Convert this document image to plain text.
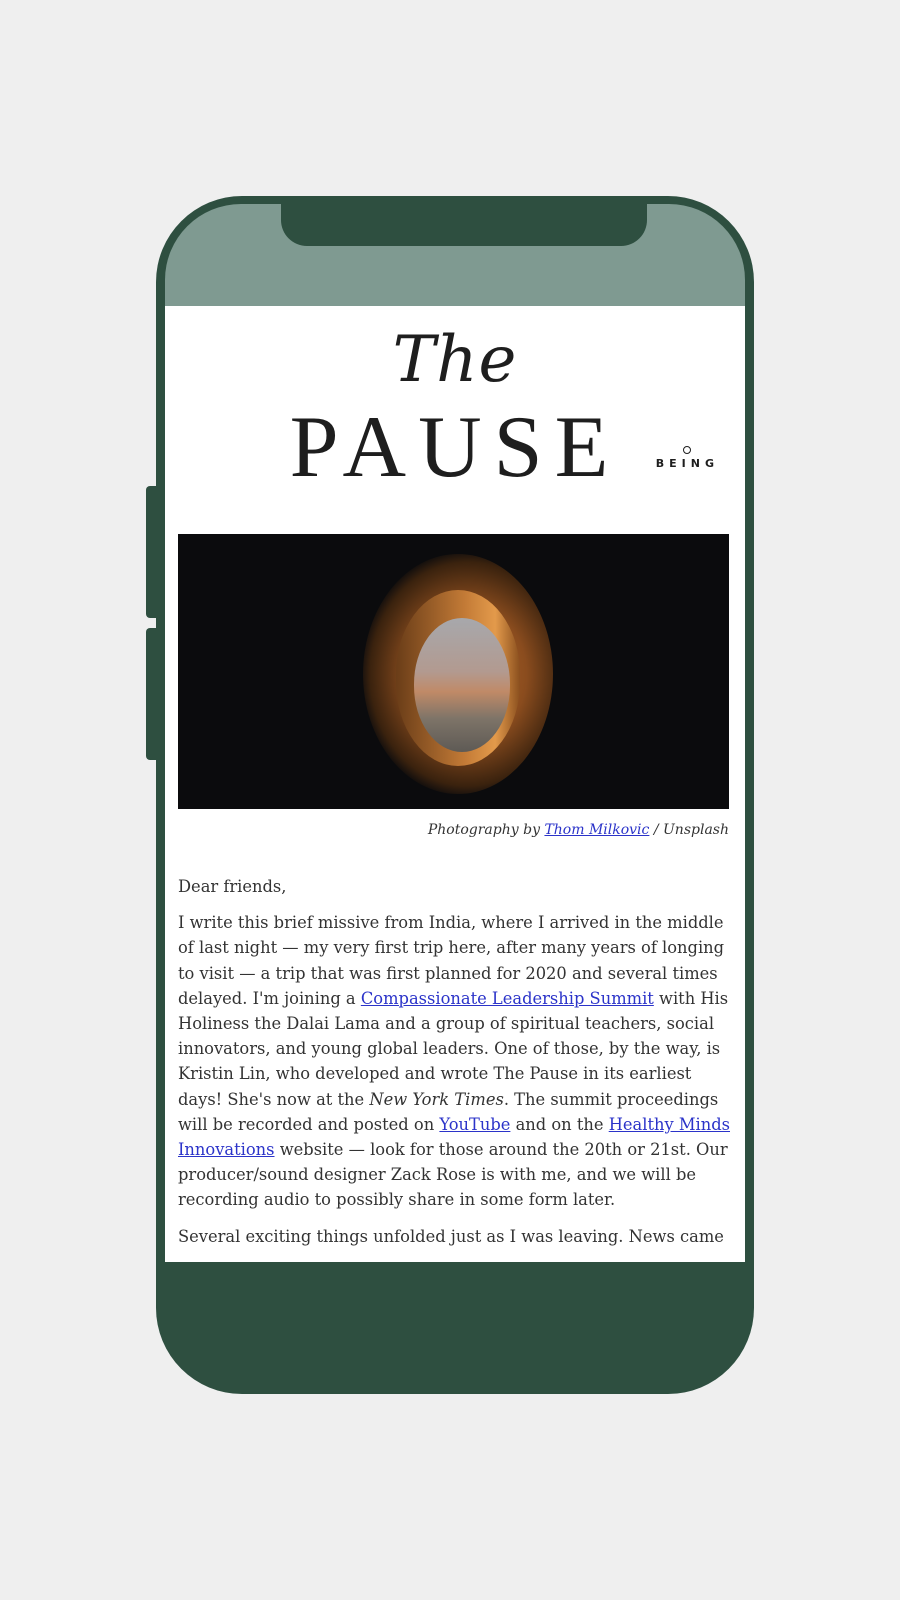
The
PAUSE	BEING
Photography by Thom Milkovic / Unsplash

Dear friends,

I write this brief missive from India, where I arrived in the middle of last night — my very first trip here, after many years of longing to visit — a trip that was first planned for 2020 and several times delayed. I'm joining a Compassionate Leadership Summit with His Holiness the Dalai Lama and a group of spiritual teachers, social innovators, and young global leaders. One of those, by the way, is Kristin Lin, who developed and wrote The Pause in its earliest days! She's now at the New York Times. The summit proceedings will be recorded and posted on YouTube and on the Healthy Minds Innovations website — look for those around the 20th or 21st. Our producer/sound designer Zack Rose is with me, and we will be recording audio to possibly share in some form later.

Several exciting things unfolded just as I was leaving. News came
